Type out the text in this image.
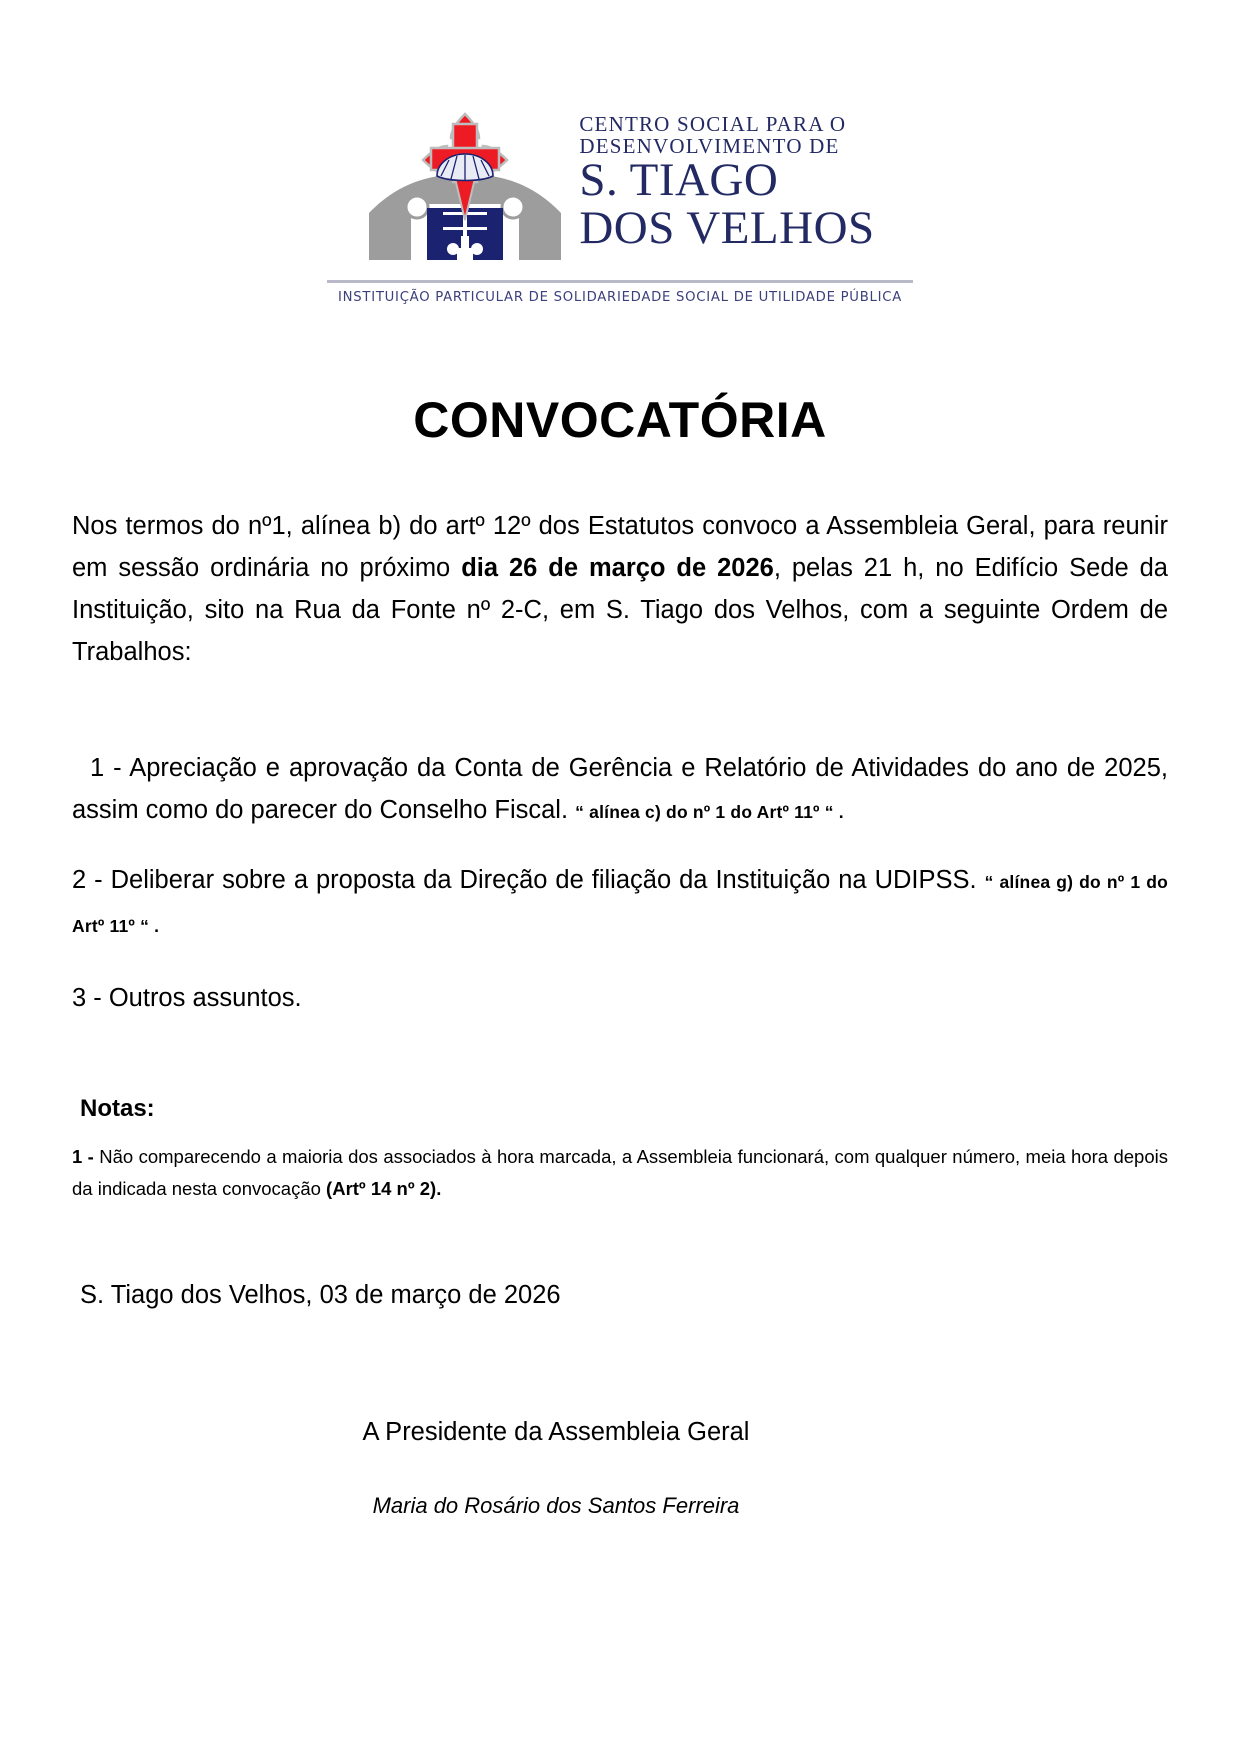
CENTRO SOCIAL PARA O
DESENVOLVIMENTO DE
S. TIAGO
DOS VELHOS
INSTITUIÇÃO PARTICULAR DE SOLIDARIEDADE SOCIAL DE UTILIDADE PÚBLICA
CONVOCATÓRIA

Nos termos do nº1, alínea b) do artº 12º dos Estatutos convoco a Assembleia Geral, para reunir em sessão ordinária no próximo dia 26 de março de 2026, pelas 21 h, no Edifício Sede da Instituição, sito na Rua da Fonte nº 2-C, em S. Tiago dos Velhos, com a seguinte Ordem de Trabalhos:

1 - Apreciação e aprovação da Conta de Gerência e Relatório de Atividades do ano de 2025, assim como do parecer do Conselho Fiscal. “ alínea c) do nº 1 do Artº 11º “ .

2 - Deliberar sobre a proposta da Direção de filiação da Instituição na UDIPSS. “ alínea g) do nº 1 do Artº 11º “ .

3 - Outros assuntos.

Notas:

1 - Não comparecendo a maioria dos associados à hora marcada, a Assembleia funcionará, com qualquer número, meia hora depois da indicada nesta convocação (Artº 14 nº 2).

S. Tiago dos Velhos, 03 de março de 2026

A Presidente da Assembleia Geral
Maria do Rosário dos Santos Ferreira
